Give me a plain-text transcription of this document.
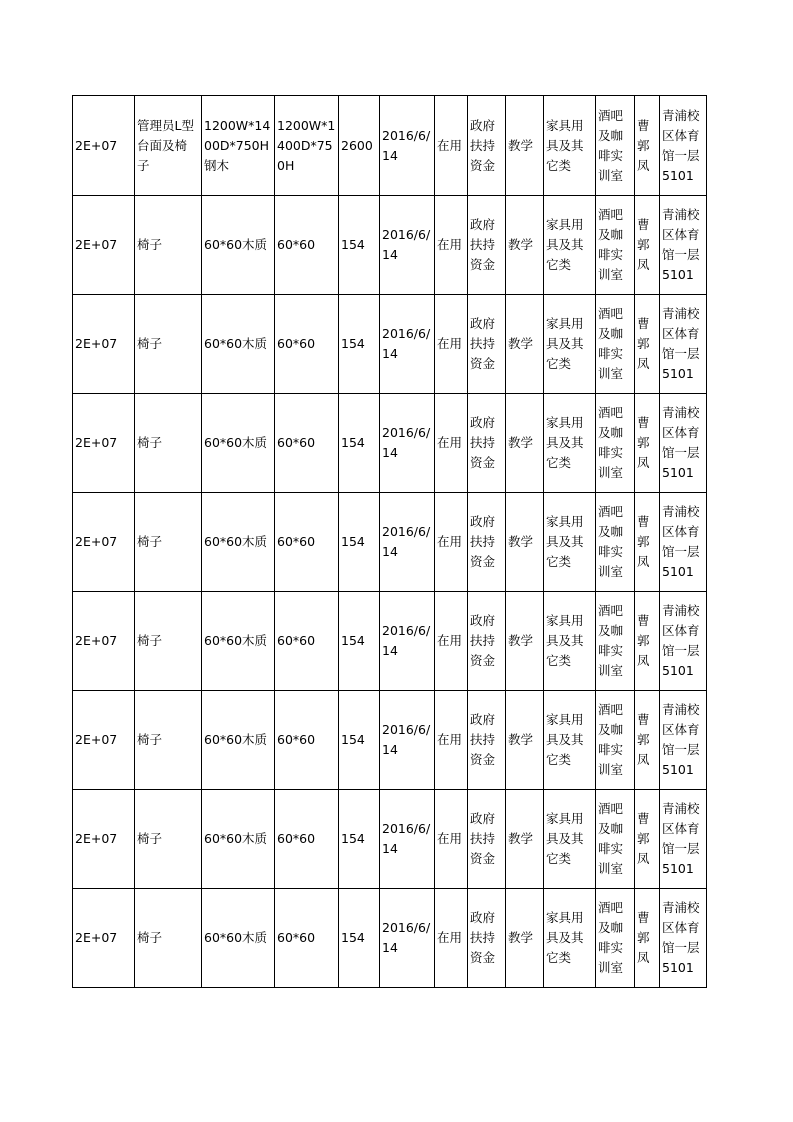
2E+07	管理员L型台面及椅子	1200W*1400D*750H钢木	1200W*1400D*750H	2600	2016/6/14	在用	政府扶持资金	教学	家具用具及其它类	酒吧及咖啡实训室	曹郭凤	青浦校区体育馆一层5101
2E+07	椅子	60*60木质	60*60	154	2016/6/14	在用	政府扶持资金	教学	家具用具及其它类	酒吧及咖啡实训室	曹郭凤	青浦校区体育馆一层5101
2E+07	椅子	60*60木质	60*60	154	2016/6/14	在用	政府扶持资金	教学	家具用具及其它类	酒吧及咖啡实训室	曹郭凤	青浦校区体育馆一层5101
2E+07	椅子	60*60木质	60*60	154	2016/6/14	在用	政府扶持资金	教学	家具用具及其它类	酒吧及咖啡实训室	曹郭凤	青浦校区体育馆一层5101
2E+07	椅子	60*60木质	60*60	154	2016/6/14	在用	政府扶持资金	教学	家具用具及其它类	酒吧及咖啡实训室	曹郭凤	青浦校区体育馆一层5101
2E+07	椅子	60*60木质	60*60	154	2016/6/14	在用	政府扶持资金	教学	家具用具及其它类	酒吧及咖啡实训室	曹郭凤	青浦校区体育馆一层5101
2E+07	椅子	60*60木质	60*60	154	2016/6/14	在用	政府扶持资金	教学	家具用具及其它类	酒吧及咖啡实训室	曹郭凤	青浦校区体育馆一层5101
2E+07	椅子	60*60木质	60*60	154	2016/6/14	在用	政府扶持资金	教学	家具用具及其它类	酒吧及咖啡实训室	曹郭凤	青浦校区体育馆一层5101
2E+07	椅子	60*60木质	60*60	154	2016/6/14	在用	政府扶持资金	教学	家具用具及其它类	酒吧及咖啡实训室	曹郭凤	青浦校区体育馆一层5101
